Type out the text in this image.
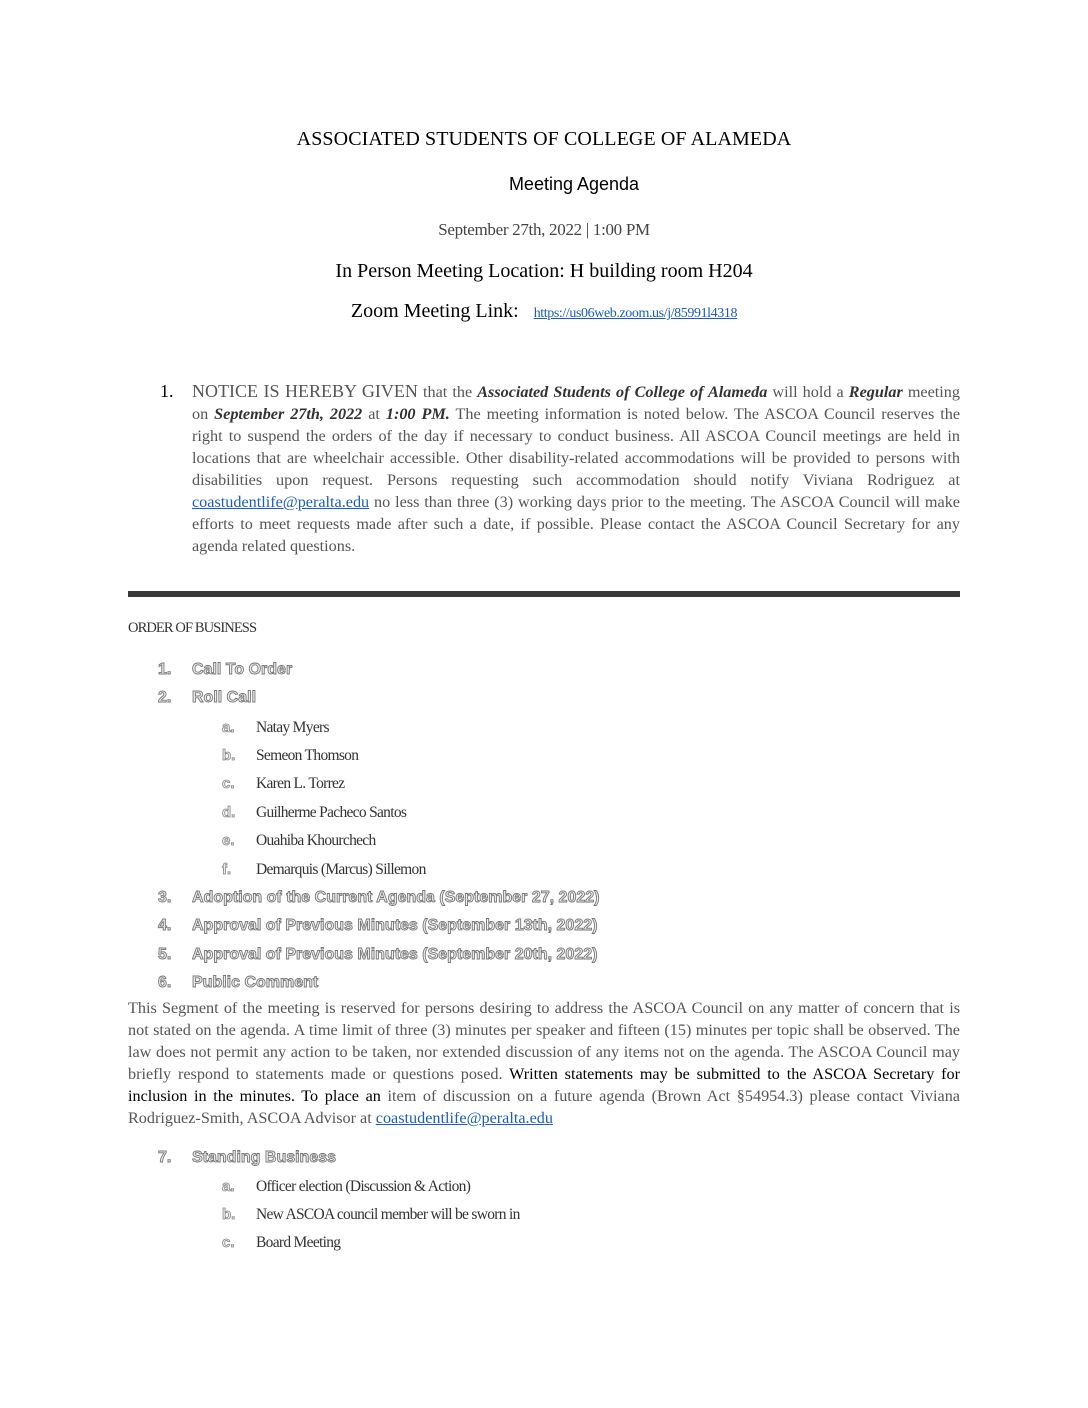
ASSOCIATED STUDENTS OF COLLEGE OF ALAMEDA
Meeting Agenda
September 27th, 2022 | 1:00 PM
In Person Meeting Location: H building room H204
Zoom Meeting Link: https://us06web.zoom.us/j/85991l4318
1. NOTICE IS HEREBY GIVEN that the Associated Students of College of Alameda will hold a Regular meeting on September 27th, 2022 at 1:00 PM. The meeting information is noted below. The ASCOA Council reserves the right to suspend the orders of the day if necessary to conduct business. All ASCOA Council meetings are held in locations that are wheelchair accessible. Other disability-related accommodations will be provided to persons with disabilities upon request. Persons requesting such accommodation should notify Viviana Rodriguez at coastudentlife@peralta.edu no less than three (3) working days prior to the meeting. The ASCOA Council will make efforts to meet requests made after such a date, if possible. Please contact the ASCOA Council Secretary for any agenda related questions.
ORDER OF BUSINESS
1. Call To Order
2. Roll Call
a. Natay Myers
b. Semeon Thomson
c. Karen L. Torrez
d. Guilherme Pacheco Santos
e. Ouahiba Khourchech
f. Demarquis (Marcus) Sillemon
3. Adoption of the Current Agenda (September 27, 2022)
4. Approval of Previous Minutes (September 13th, 2022)
5. Approval of Previous Minutes (September 20th, 2022)
6. Public Comment
This Segment of the meeting is reserved for persons desiring to address the ASCOA Council on any matter of concern that is not stated on the agenda. A time limit of three (3) minutes per speaker and fifteen (15) minutes per topic shall be observed. The law does not permit any action to be taken, nor extended discussion of any items not on the agenda. The ASCOA Council may briefly respond to statements made or questions posed. Written statements may be submitted to the ASCOA Secretary for inclusion in the minutes. To place an item of discussion on a future agenda (Brown Act §54954.3) please contact Viviana Rodriguez-Smith, ASCOA Advisor at coastudentlife@peralta.edu
7. Standing Business
a. Officer election (Discussion & Action)
b. New ASCOA council member will be sworn in
c. Board Meeting
